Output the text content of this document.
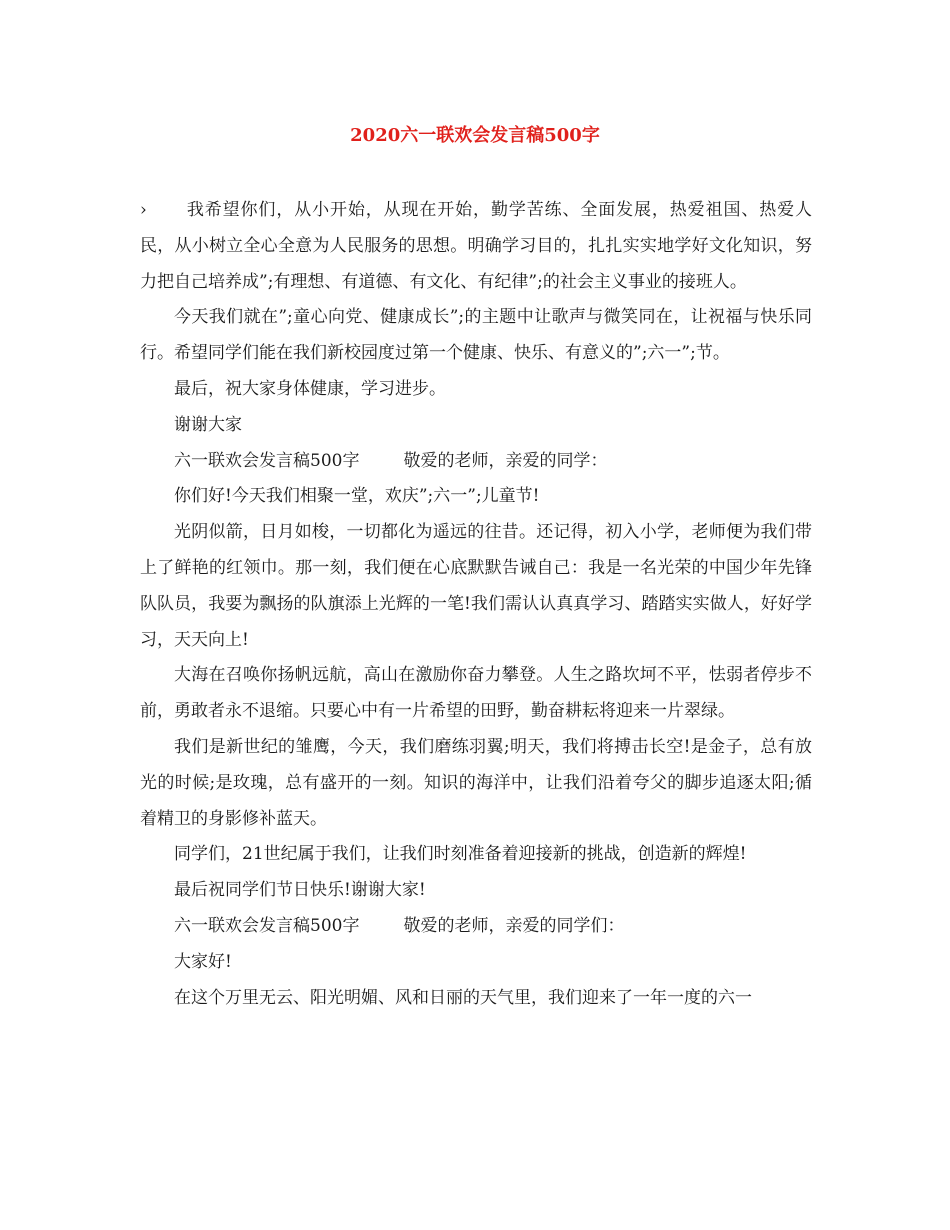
2020六一联欢会发言稿500字

› 我希望你们，从小开始，从现在开始，勤学苦练、全面发展，热爱祖国、热爱人民，从小树立全心全意为人民服务的思想。明确学习目的，扎扎实实地学好文化知识，努力把自己培养成”;有理想、有道德、有文化、有纪律”;的社会主义事业的接班人。

今天我们就在”;童心向党、健康成长”;的主题中让歌声与微笑同在，让祝福与快乐同行。希望同学们能在我们新校园度过第一个健康、快乐、有意义的”;六一”;节。

最后，祝大家身体健康，学习进步。

谢谢大家

六一联欢会发言稿500字	敬爱的老师，亲爱的同学：

你们好!今天我们相聚一堂，欢庆”;六一”;儿童节!

光阴似箭，日月如梭，一切都化为遥远的往昔。还记得，初入小学，老师便为我们带上了鲜艳的红领巾。那一刻，我们便在心底默默告诫自己：我是一名光荣的中国少年先锋队队员，我要为飘扬的队旗添上光辉的一笔!我们需认认真真学习、踏踏实实做人，好好学习，天天向上!

大海在召唤你扬帆远航，高山在激励你奋力攀登。人生之路坎坷不平，怯弱者停步不前，勇敢者永不退缩。只要心中有一片希望的田野，勤奋耕耘将迎来一片翠绿。

我们是新世纪的雏鹰，今天，我们磨练羽翼;明天，我们将搏击长空!是金子，总有放光的时候;是玫瑰，总有盛开的一刻。知识的海洋中，让我们沿着夸父的脚步追逐太阳;循着精卫的身影修补蓝天。

同学们，21世纪属于我们，让我们时刻准备着迎接新的挑战，创造新的辉煌!

最后祝同学们节日快乐!谢谢大家!

六一联欢会发言稿500字	敬爱的老师，亲爱的同学们：

大家好!

在这个万里无云、阳光明媚、风和日丽的天气里，我们迎来了一年一度的六一
